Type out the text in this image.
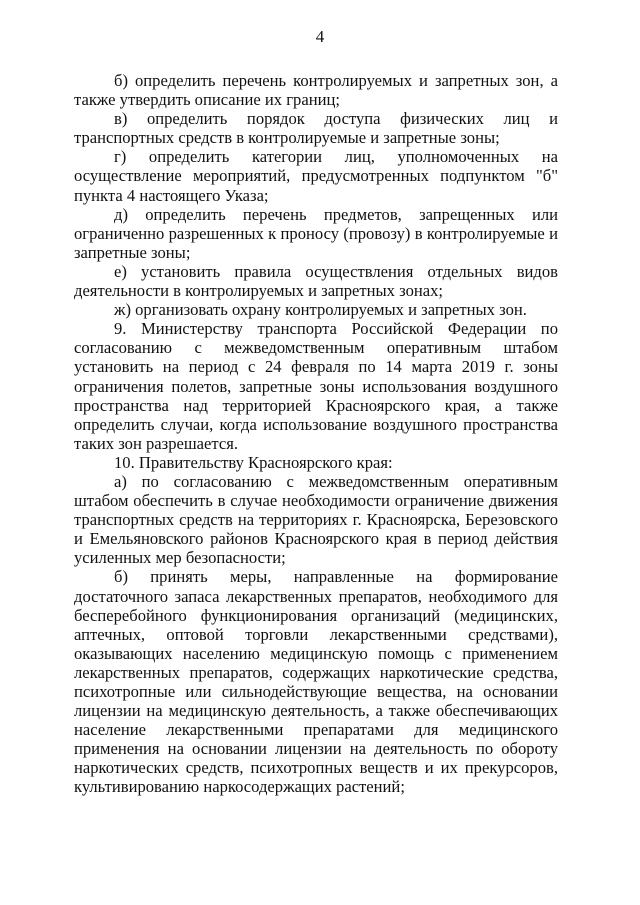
4

б) определить перечень контролируемых и запретных зон, а также утвердить описание их границ;

в) определить порядок доступа физических лиц и транспортных средств в контролируемые и запретные зоны;

г) определить категории лиц, уполномоченных на осуществление мероприятий, предусмотренных подпунктом "б" пункта 4 настоящего Указа;

д) определить перечень предметов, запрещенных или ограниченно разрешенных к проносу (провозу) в контролируемые и запретные зоны;

е) установить правила осуществления отдельных видов деятельности в контролируемых и запретных зонах;

ж) организовать охрану контролируемых и запретных зон.

9. Министерству транспорта Российской Федерации по согласованию с межведомственным оперативным штабом установить на период с 24 февраля по 14 марта 2019 г. зоны ограничения полетов, запретные зоны использования воздушного пространства над территорией Красноярского края, а также определить случаи, когда использование воздушного пространства таких зон разрешается.

10. Правительству Красноярского края:

а) по согласованию с межведомственным оперативным штабом обеспечить в случае необходимости ограничение движения транспортных средств на территориях г. Красноярска, Березовского и Емельяновского районов Красноярского края в период действия усиленных мер безопасности;

б) принять меры, направленные на формирование достаточного запаса лекарственных препаратов, необходимого для бесперебойного функционирования организаций (медицинских, аптечных, оптовой торговли лекарственными средствами), оказывающих населению медицинскую помощь с применением лекарственных препаратов, содержащих наркотические средства, психотропные или сильнодействующие вещества, на основании лицензии на медицинскую деятельность, а также обеспечивающих население лекарственными препаратами для медицинского применения на основании лицензии на деятельность по обороту наркотических средств, психотропных веществ и их прекурсоров, культивированию наркосодержащих растений;
